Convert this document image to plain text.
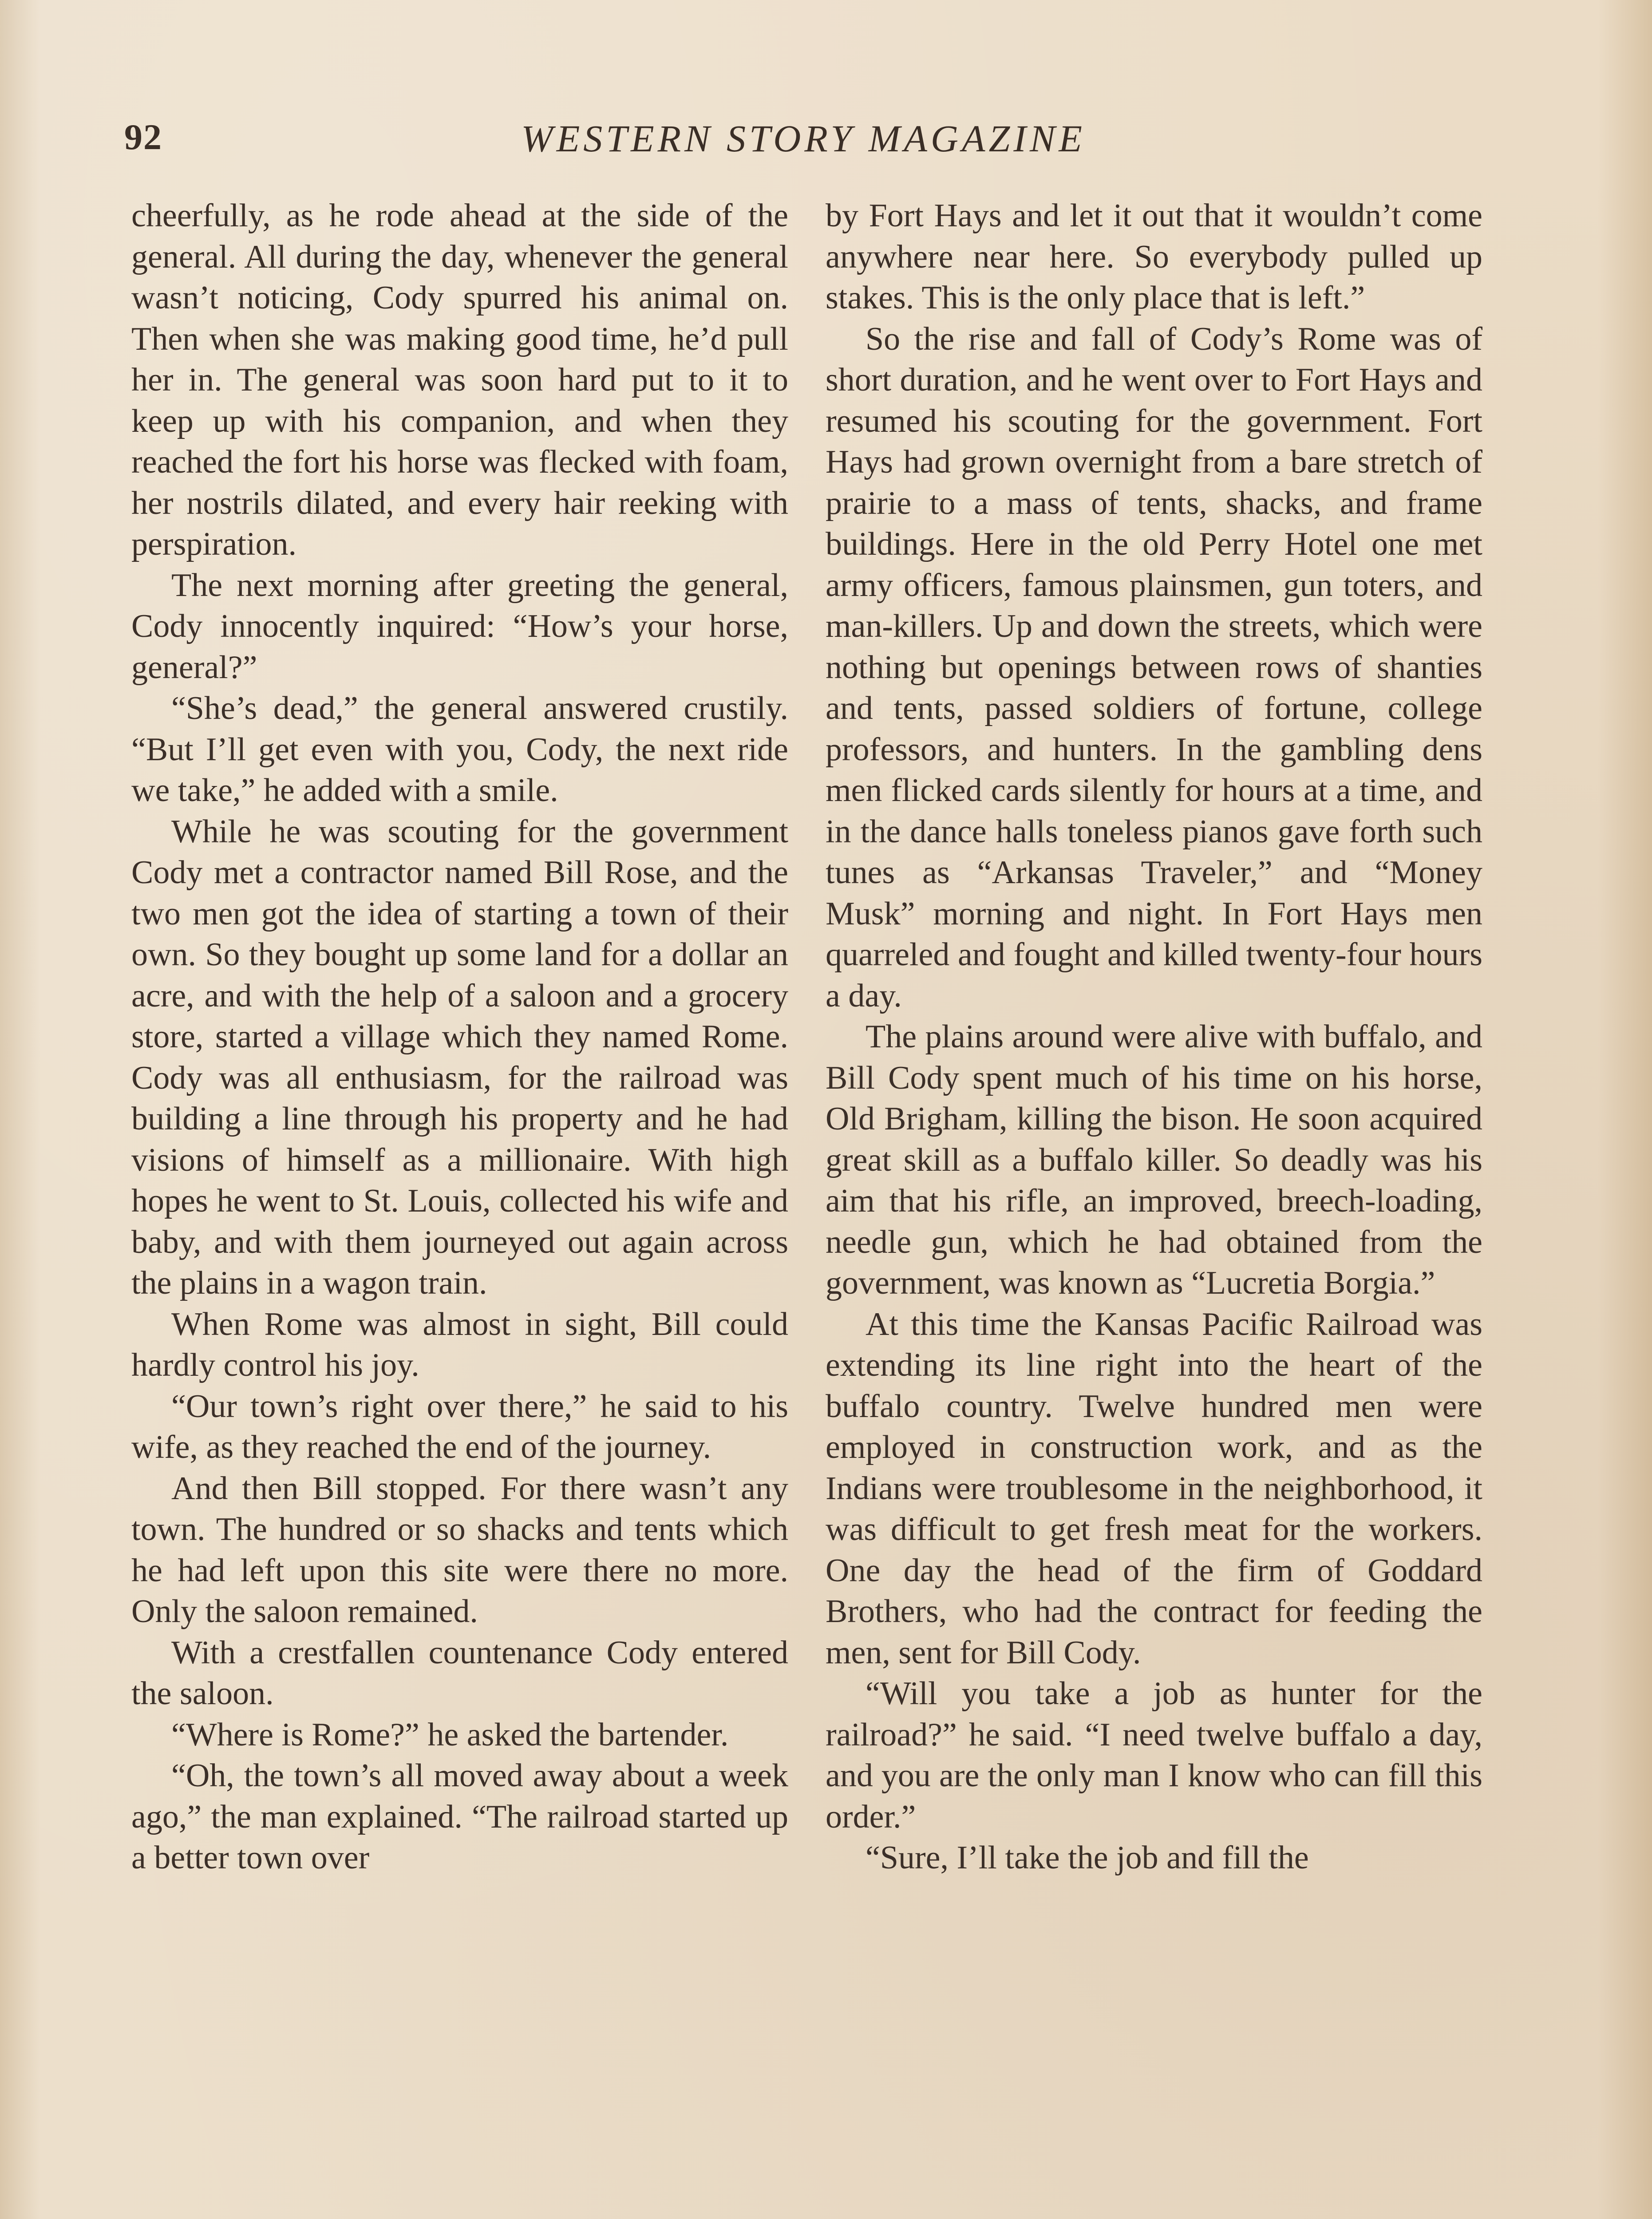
92	WESTERN STORY MAGAZINE

cheerfully, as he rode ahead at the side of the general. All during the day, whenever the general wasn’t noticing, Cody spurred his animal on. Then when she was making good time, he’d pull her in. The general was soon hard put to it to keep up with his companion, and when they reached the fort his horse was flecked with foam, her nostrils dilated, and every hair reeking with perspiration.

The next morning after greeting the general, Cody innocently inquired: “How’s your horse, general?”

“She’s dead,” the general answered crustily. “But I’ll get even with you, Cody, the next ride we take,” he added with a smile.

While he was scouting for the government Cody met a contractor named Bill Rose, and the two men got the idea of starting a town of their own. So they bought up some land for a dollar an acre, and with the help of a saloon and a grocery store, started a village which they named Rome. Cody was all enthusiasm, for the railroad was building a line through his property and he had visions of himself as a millionaire. With high hopes he went to St. Louis, collected his wife and baby, and with them journeyed out again across the plains in a wagon train.

When Rome was almost in sight, Bill could hardly control his joy.

“Our town’s right over there,” he said to his wife, as they reached the end of the journey.

And then Bill stopped. For there wasn’t any town. The hundred or so shacks and tents which he had left upon this site were there no more. Only the saloon remained.

With a crestfallen countenance Cody entered the saloon.

“Where is Rome?” he asked the bartender.

“Oh, the town’s all moved away about a week ago,” the man explained. “The railroad started up a better town over

by Fort Hays and let it out that it wouldn’t come anywhere near here. So everybody pulled up stakes. This is the only place that is left.”

So the rise and fall of Cody’s Rome was of short duration, and he went over to Fort Hays and resumed his scouting for the government. Fort Hays had grown overnight from a bare stretch of prairie to a mass of tents, shacks, and frame buildings. Here in the old Perry Hotel one met army officers, famous plainsmen, gun toters, and man-killers. Up and down the streets, which were nothing but openings between rows of shanties and tents, passed soldiers of fortune, college professors, and hunters. In the gambling dens men flicked cards silently for hours at a time, and in the dance halls toneless pianos gave forth such tunes as “Arkansas Traveler,” and “Money Musk” morning and night. In Fort Hays men quarreled and fought and killed twenty-four hours a day.

The plains around were alive with buffalo, and Bill Cody spent much of his time on his horse, Old Brigham, killing the bison. He soon acquired great skill as a buffalo killer. So deadly was his aim that his rifle, an improved, breech-loading, needle gun, which he had obtained from the government, was known as “Lucretia Borgia.”

At this time the Kansas Pacific Railroad was extending its line right into the heart of the buffalo country. Twelve hundred men were employed in construction work, and as the Indians were troublesome in the neighborhood, it was difficult to get fresh meat for the workers. One day the head of the firm of Goddard Brothers, who had the contract for feeding the men, sent for Bill Cody.

“Will you take a job as hunter for the railroad?” he said. “I need twelve buffalo a day, and you are the only man I know who can fill this order.”

“Sure, I’ll take the job and fill the
